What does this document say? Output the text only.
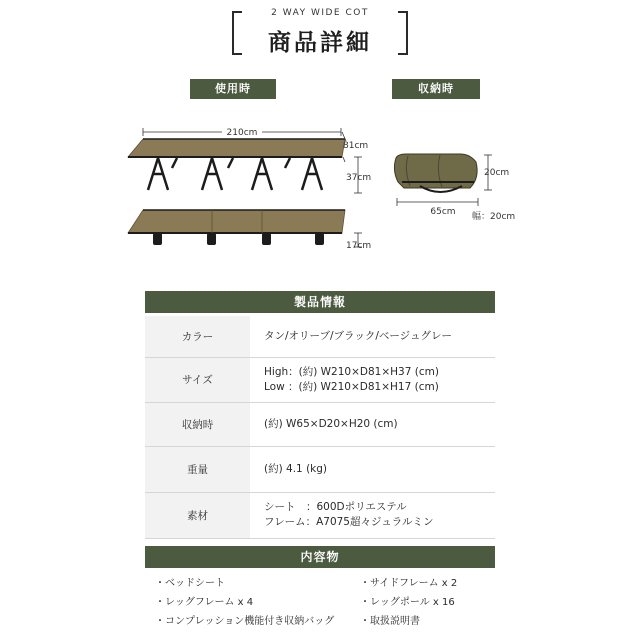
2 WAY WIDE COT
商品詳細
使用時	収納時
210cm
81cm
37cm
17cm
20cm
65cm 幅：20cm
製品情報
カラー	タン/オリーブ/ブラック/ベージュグレー

サイズ	High：(約) W210×D81×H37 (cm)
Low ：(約) W210×D81×H17 (cm)

収納時	(約) W65×D20×H20 (cm)

重量	(約) 4.1 (kg)

素材	シート　：600Dポリエステル
フレーム：A7075超々ジュラルミン
内容物
・ベッドシート	・サイドフレーム x 2
・レッグフレーム x 4	・レッグポール x 16
・コンプレッション機能付き収納バッグ	・取扱説明書
